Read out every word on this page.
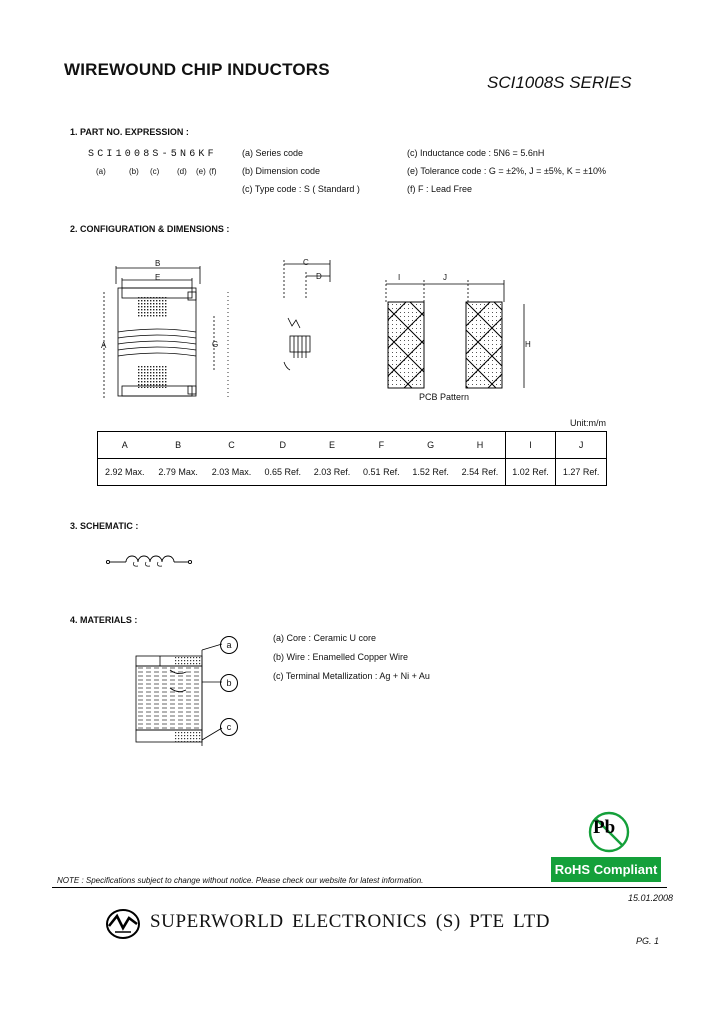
WIREWOUND CHIP INDUCTORS
SCI1008S SERIES
1. PART NO. EXPRESSION :
SCI1008S-5N6KF
(a)	(b) (c) (d) (e) (f)
(a) Series code
(b) Dimension code
(c) Type code : S ( Standard )
(c) Inductance code : 5N6 = 5.6nH
(e) Tolerance code : G = ±2%, J = ±5%, K = ±10%
(f) F : Lead Free
2. CONFIGURATION & DIMENSIONS :
B
E
A	G
C
D	I	J
H
PCB Pattern
Unit:m/m
A	B	C	D	E	F	G	H	I	J
2.92 Max.	2.79 Max.	2.03 Max.	0.65 Ref.	2.03 Ref.	0.51 Ref.	1.52 Ref.	2.54 Ref.	1.02 Ref.	1.27 Ref.
3. SCHEMATIC :
4. MATERIALS :
a
b
c
(a) Core : Ceramic U core
(b) Wire : Enamelled Copper Wire
(c) Terminal Metallization : Ag + Ni + Au
Pb
RoHS Compliant
NOTE : Specifications subject to change without notice. Please check our website for latest information.
15.01.2008
SUPERWORLD ELECTRONICS (S) PTE LTD
PG. 1
